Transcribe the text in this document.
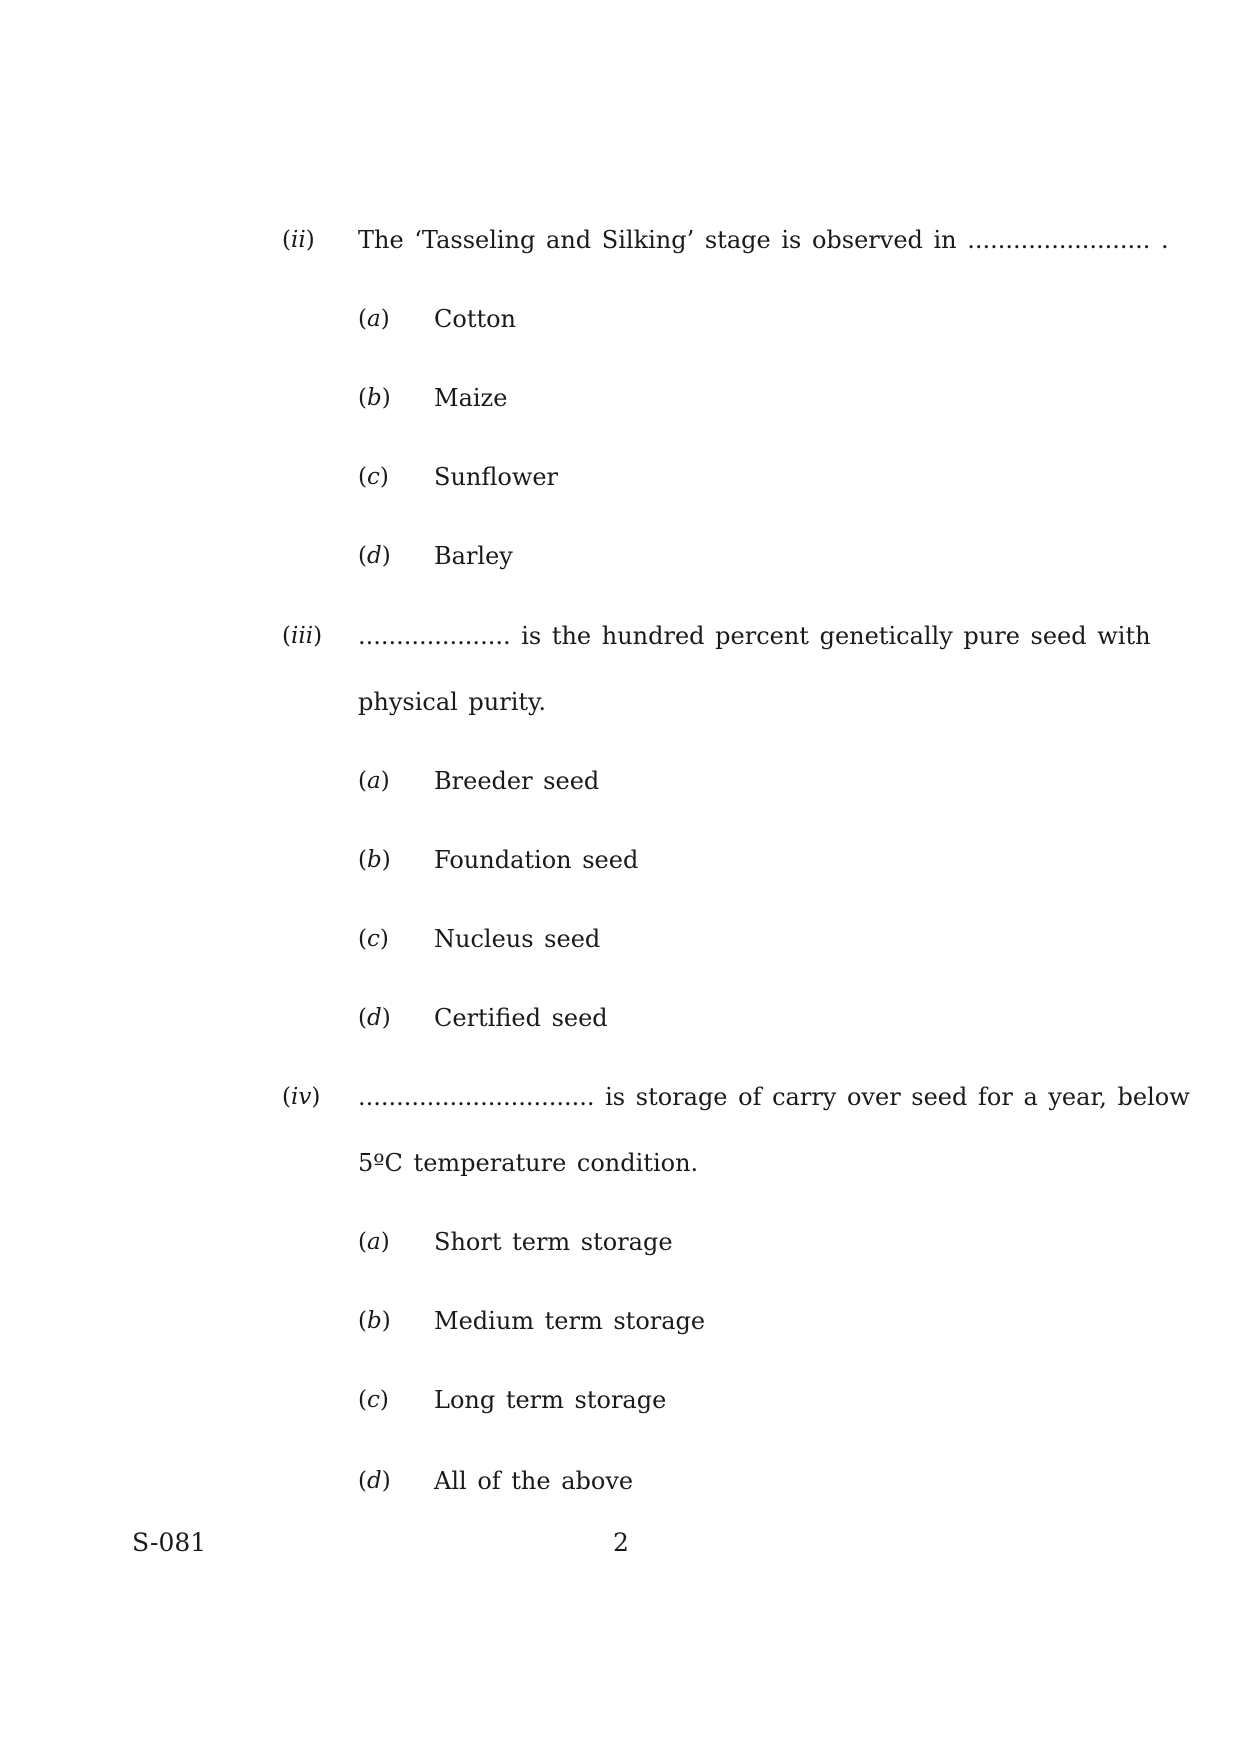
(ii) The ‘Tasseling and Silking’ stage is observed in ........................ .
(a) Cotton
(b) Maize
(c) Sunflower
(d) Barley
(iii) .................... is the hundred percent genetically pure seed with
physical purity.
(a) Breeder seed
(b) Foundation seed
(c) Nucleus seed
(d) Certified seed
(iv) ............................... is storage of carry over seed for a year, below
5ºC temperature condition.
(a) Short term storage
(b) Medium term storage
(c) Long term storage
(d) All of the above
S-081	2
